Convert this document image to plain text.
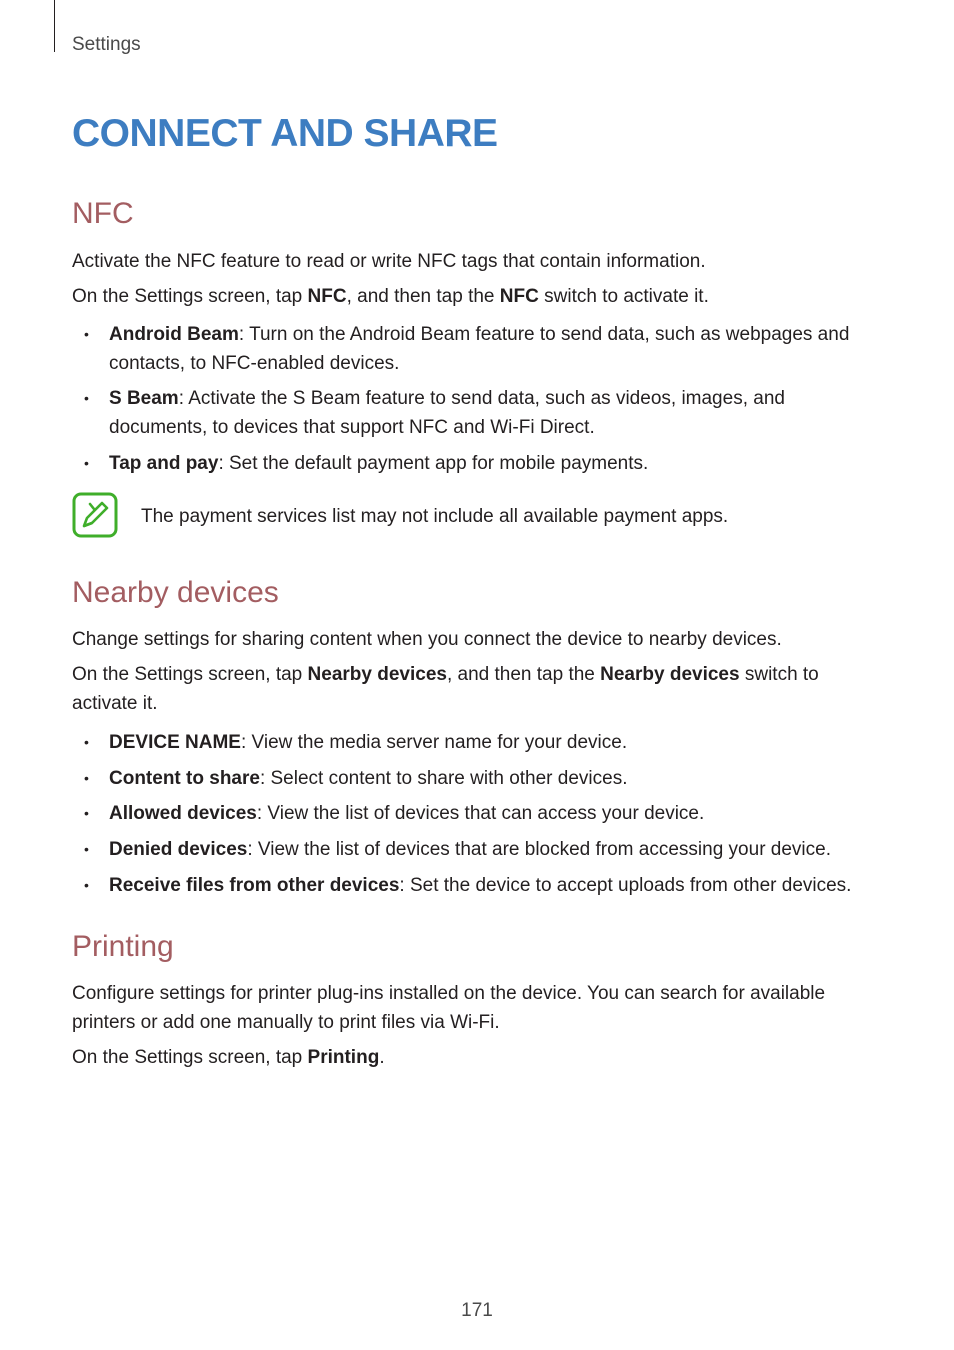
Settings
CONNECT AND SHARE
NFC

Activate the NFC feature to read or write NFC tags that contain information.

On the Settings screen, tap NFC, and then tap the NFC switch to activate it.

• Android Beam: Turn on the Android Beam feature to send data, such as webpages and contacts, to NFC-enabled devices.
• S Beam: Activate the S Beam feature to send data, such as videos, images, and documents, to devices that support NFC and Wi-Fi Direct.
• Tap and pay: Set the default payment app for mobile payments.
The payment services list may not include all available payment apps.
Nearby devices

Change settings for sharing content when you connect the device to nearby devices.

On the Settings screen, tap Nearby devices, and then tap the Nearby devices switch to activate it.

• DEVICE NAME: View the media server name for your device.
• Content to share: Select content to share with other devices.
• Allowed devices: View the list of devices that can access your device.
• Denied devices: View the list of devices that are blocked from accessing your device.
• Receive files from other devices: Set the device to accept uploads from other devices.
Printing

Configure settings for printer plug-ins installed on the device. You can search for available printers or add one manually to print files via Wi-Fi.

On the Settings screen, tap Printing.

171
